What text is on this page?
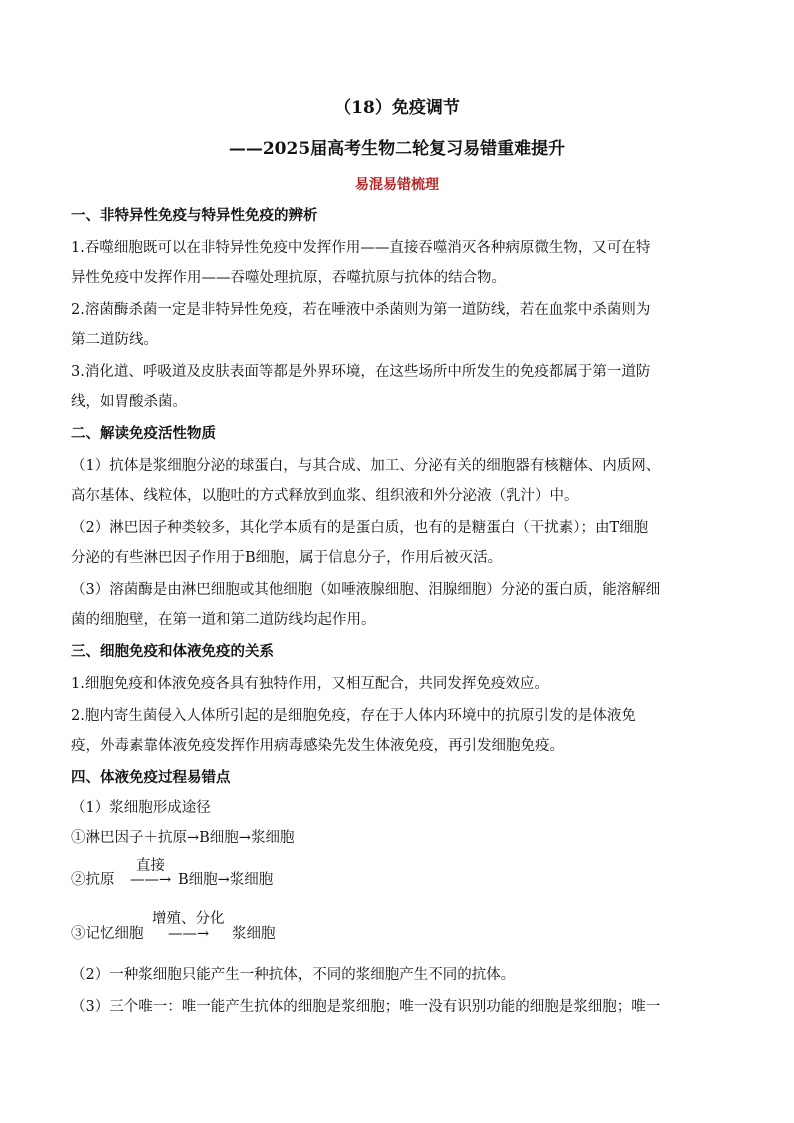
（18）免疫调节
——2025届高考生物二轮复习易错重难提升
易混易错梳理
一、非特异性免疫与特异性免疫的辨析
1.吞噬细胞既可以在非特异性免疫中发挥作用——直接吞噬消灭各种病原微生物，又可在特
异性免疫中发挥作用——吞噬处理抗原，吞噬抗原与抗体的结合物。
2.溶菌酶杀菌一定是非特异性免疫，若在唾液中杀菌则为第一道防线，若在血浆中杀菌则为
第二道防线。
3.消化道、呼吸道及皮肤表面等都是外界环境，在这些场所中所发生的免疫都属于第一道防
线，如胃酸杀菌。
二、解读免疫活性物质
（1）抗体是浆细胞分泌的球蛋白，与其合成、加工、分泌有关的细胞器有核糖体、内质网、
高尔基体、线粒体，以胞吐的方式释放到血浆、组织液和外分泌液（乳汁）中。
（2）淋巴因子种类较多，其化学本质有的是蛋白质，也有的是糖蛋白（干扰素）；由T细胞
分泌的有些淋巴因子作用于B细胞，属于信息分子，作用后被灭活。
（3）溶菌酶是由淋巴细胞或其他细胞（如唾液腺细胞、泪腺细胞）分泌的蛋白质，能溶解细
菌的细胞壁，在第一道和第二道防线均起作用。
三、细胞免疫和体液免疫的关系
1.细胞免疫和体液免疫各具有独特作用，又相互配合，共同发挥免疫效应。
2.胞内寄生菌侵入人体所引起的是细胞免疫，存在于人体内环境中的抗原引发的是体液免
疫，外毒素靠体液免疫发挥作用病毒感染先发生体液免疫，再引发细胞免疫。
四、体液免疫过程易错点
（1）浆细胞形成途径
①淋巴因子＋抗原→B细胞→浆细胞
②抗原
直接
——→ B细胞→浆细胞
③记忆细胞
增殖、分化
——→ 浆细胞
（2）一种浆细胞只能产生一种抗体，不同的浆细胞产生不同的抗体。
（3）三个唯一：唯一能产生抗体的细胞是浆细胞；唯一没有识别功能的细胞是浆细胞；唯一
